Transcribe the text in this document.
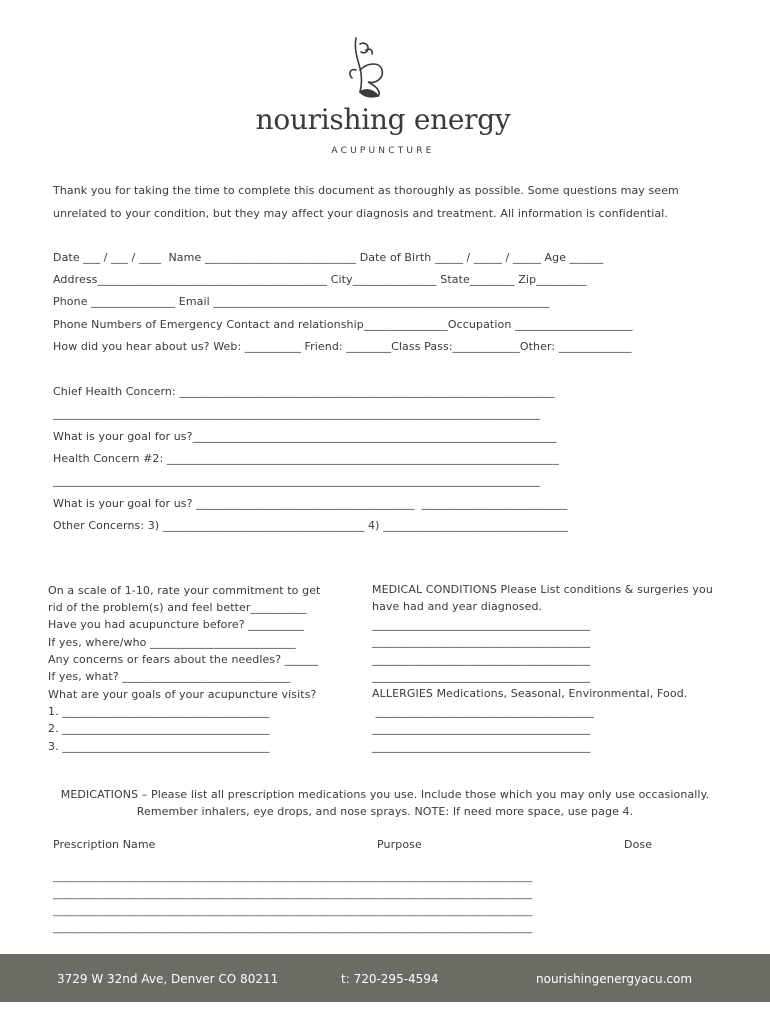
nourishing energy
ACUPUNCTURE
Thank you for taking the time to complete this document as thoroughly as possible. Some questions may seem
unrelated to your condition, but they may affect your diagnosis and treatment. All information is confidential.
Date ___ / ___ / ____  Name ___________________________ Date of Birth _____ / _____ / _____ Age ______
Address_________________________________________ City_______________ State________ Zip_________
Phone _______________ Email ____________________________________________________________
Phone Numbers of Emergency Contact and relationship_______________Occupation _____________________
How did you hear about us? Web: __________ Friend: ________Class Pass:____________Other: _____________
Chief Health Concern: ___________________________________________________________________
_______________________________________________________________________________________
What is your goal for us?_________________________________________________________________
Health Concern #2: ______________________________________________________________________
_______________________________________________________________________________________
What is your goal for us? _______________________________________  __________________________
Other Concerns: 3) ____________________________________ 4) _________________________________
On a scale of 1-10, rate your commitment to get
rid of the problem(s) and feel better__________
Have you had acupuncture before? __________
If yes, where/who __________________________
Any concerns or fears about the needles? ______
If yes, what? ______________________________
What are your goals of your acupuncture visits?
1. _____________________________________
2. _____________________________________
3. _____________________________________
MEDICAL CONDITIONS Please List conditions & surgeries you
have had and year diagnosed.
_______________________________________
_______________________________________
_______________________________________
_______________________________________
ALLERGIES Medications, Seasonal, Environmental, Food.
_______________________________________
_______________________________________
_______________________________________
MEDICATIONS – Please list all prescription medications you use. Include those which you may only use occasionally.
Remember inhalers, eye drops, and nose sprays. NOTE: If need more space, use page 4.
Prescription Name	Purpose	Dose
______________________________________________________________________________________________
______________________________________________________________________________________________
______________________________________________________________________________________________
______________________________________________________________________________________________
3729 W 32nd Ave, Denver CO 80211	t: 720-295-4594	nourishingenergyacu.com
